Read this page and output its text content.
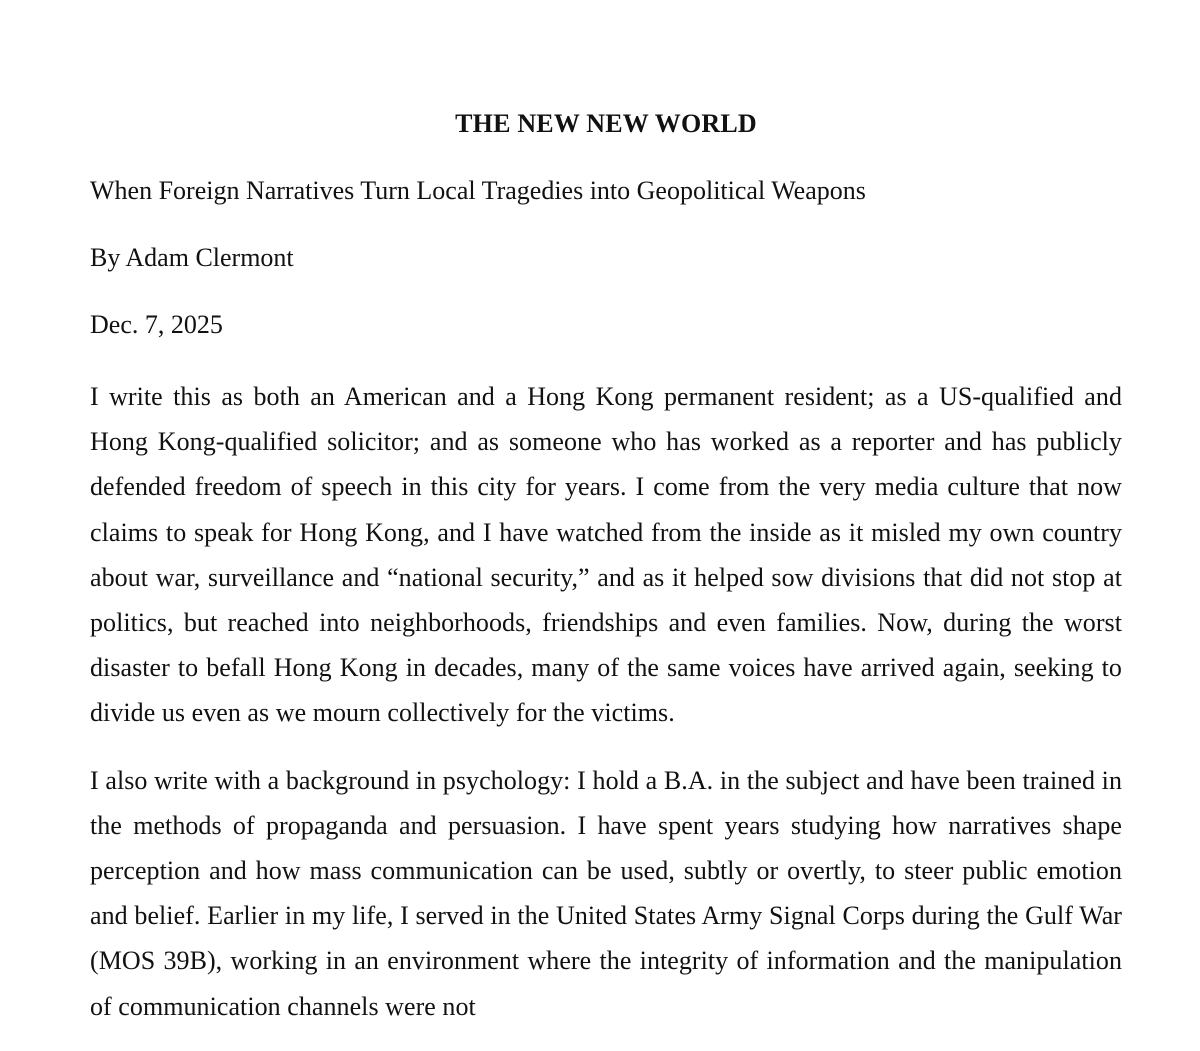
THE NEW NEW WORLD

When Foreign Narratives Turn Local Tragedies into Geopolitical Weapons

By Adam Clermont

Dec. 7, 2025

I write this as both an American and a Hong Kong permanent resident; as a US-qualified and Hong Kong-qualified solicitor; and as someone who has worked as a reporter and has publicly defended freedom of speech in this city for years. I come from the very media culture that now claims to speak for Hong Kong, and I have watched from the inside as it misled my own country about war, surveillance and “national security,” and as it helped sow divisions that did not stop at politics, but reached into neighborhoods, friendships and even families. Now, during the worst disaster to befall Hong Kong in decades, many of the same voices have arrived again, seeking to divide us even as we mourn collectively for the victims.

I also write with a background in psychology: I hold a B.A. in the subject and have been trained in the methods of propaganda and persuasion. I have spent years studying how narratives shape perception and how mass communication can be used, subtly or overtly, to steer public emotion and belief. Earlier in my life, I served in the United States Army Signal Corps during the Gulf War (MOS 39B), working in an environment where the integrity of information and the manipulation of communication channels were not
